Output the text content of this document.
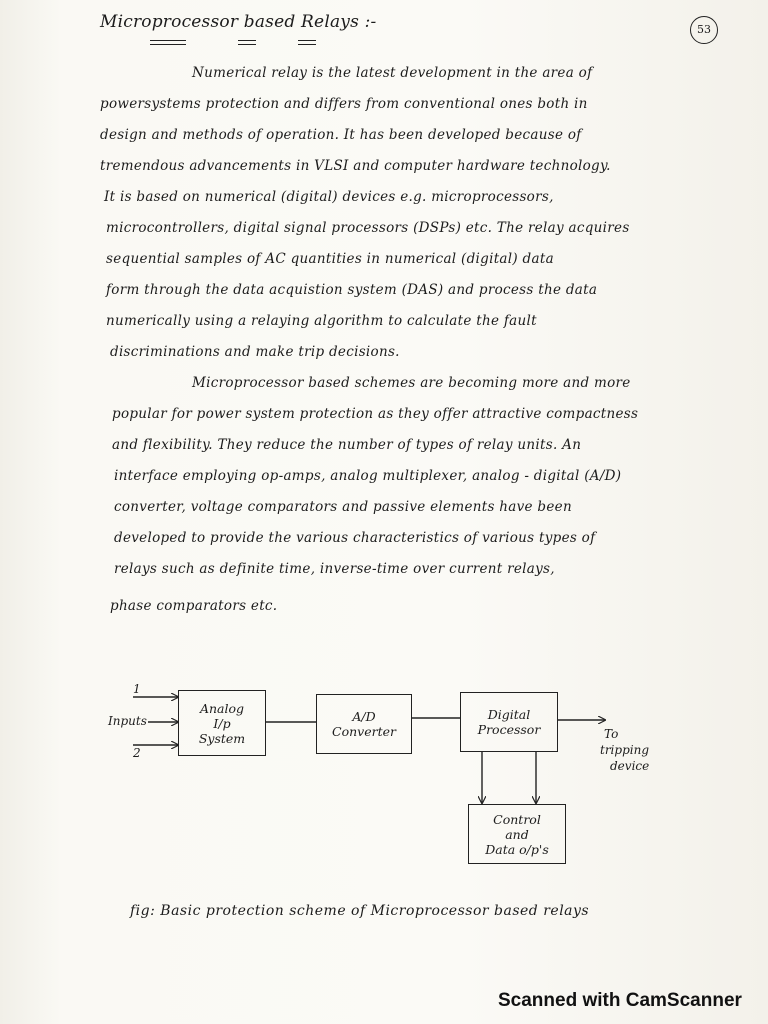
Microprocessor based Relays :-	53
Numerical relay is the latest development in the area of
powersystems protection and differs from conventional ones both in
design and methods of operation. It has been developed because of
tremendous advancements in VLSI and computer hardware technology.
It is based on numerical (digital) devices e.g. microprocessors,
microcontrollers, digital signal processors (DSPs) etc. The relay acquires
sequential samples of AC quantities in numerical (digital) data
form through the data acquistion system (DAS) and process the data
numerically using a relaying algorithm to calculate the fault
discriminations and make trip decisions.
Microprocessor based schemes are becoming more and more
popular for power system protection as they offer attractive compactness
and flexibility. They reduce the number of types of relay units. An
interface employing op-amps, analog multiplexer, analog - digital (A/D)
converter, voltage comparators and passive elements have been
developed to provide the various characteristics of various types of
relays such as definite time, inverse-time over current relays,
phase comparators etc.
1
Inputs
2
Analog
I/p
System
A/D
Converter
Digital
Processor	To
tripping
device
Control
and
Data o/p's
fig: Basic protection scheme of Microprocessor based relays
Scanned with CamScanner
